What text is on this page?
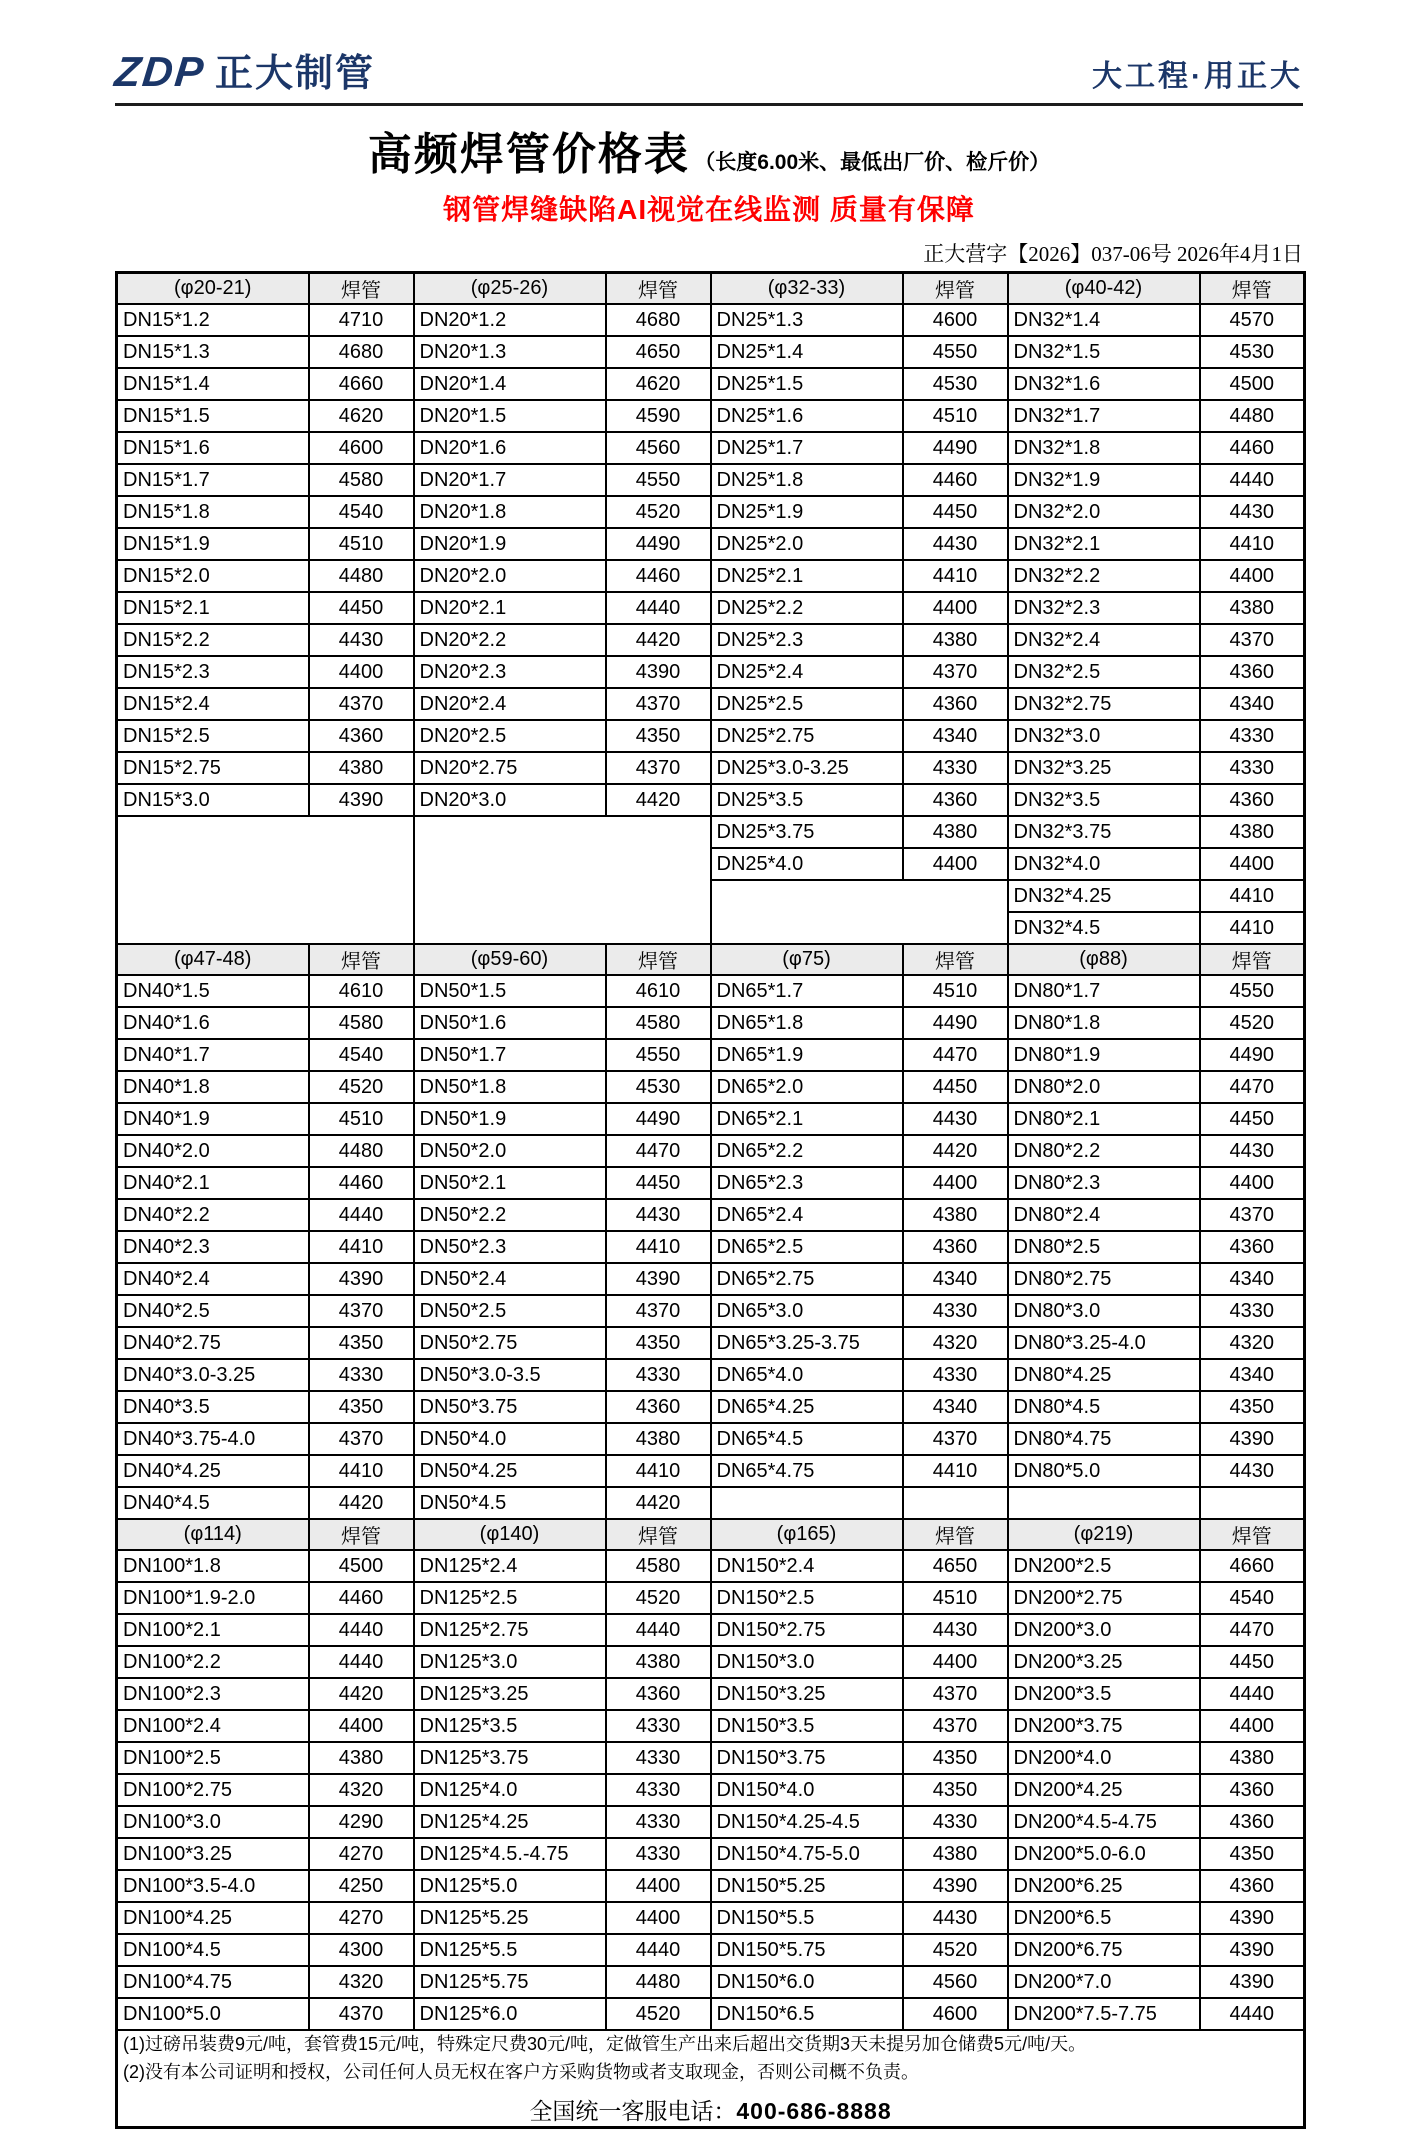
ZDP 正大制管	大工程·用正大
高频焊管价格表 （长度6.00米、最低出厂价、检斤价）
钢管焊缝缺陷AI视觉在线监测 质量有保障
正大营字【2026】037-06号 2026年4月1日
(φ20-21)	焊管	(φ25-26)	焊管	(φ32-33)	焊管	(φ40-42)	焊管
DN15*1.2	4710	DN20*1.2	4680	DN25*1.3	4600	DN32*1.4	4570
DN15*1.3	4680	DN20*1.3	4650	DN25*1.4	4550	DN32*1.5	4530
DN15*1.4	4660	DN20*1.4	4620	DN25*1.5	4530	DN32*1.6	4500
DN15*1.5	4620	DN20*1.5	4590	DN25*1.6	4510	DN32*1.7	4480
DN15*1.6	4600	DN20*1.6	4560	DN25*1.7	4490	DN32*1.8	4460
DN15*1.7	4580	DN20*1.7	4550	DN25*1.8	4460	DN32*1.9	4440
DN15*1.8	4540	DN20*1.8	4520	DN25*1.9	4450	DN32*2.0	4430
DN15*1.9	4510	DN20*1.9	4490	DN25*2.0	4430	DN32*2.1	4410
DN15*2.0	4480	DN20*2.0	4460	DN25*2.1	4410	DN32*2.2	4400
DN15*2.1	4450	DN20*2.1	4440	DN25*2.2	4400	DN32*2.3	4380
DN15*2.2	4430	DN20*2.2	4420	DN25*2.3	4380	DN32*2.4	4370
DN15*2.3	4400	DN20*2.3	4390	DN25*2.4	4370	DN32*2.5	4360
DN15*2.4	4370	DN20*2.4	4370	DN25*2.5	4360	DN32*2.75	4340
DN15*2.5	4360	DN20*2.5	4350	DN25*2.75	4340	DN32*3.0	4330
DN15*2.75	4380	DN20*2.75	4370	DN25*3.0-3.25	4330	DN32*3.25	4330
DN15*3.0	4390	DN20*3.0	4420	DN25*3.5	4360	DN32*3.5	4360
				DN25*3.75	4380	DN32*3.75	4380
				DN25*4.0	4400	DN32*4.0	4400
						DN32*4.25	4410
						DN32*4.5	4410
(φ47-48)	焊管	(φ59-60)	焊管	(φ75)	焊管	(φ88)	焊管
DN40*1.5	4610	DN50*1.5	4610	DN65*1.7	4510	DN80*1.7	4550
DN40*1.6	4580	DN50*1.6	4580	DN65*1.8	4490	DN80*1.8	4520
DN40*1.7	4540	DN50*1.7	4550	DN65*1.9	4470	DN80*1.9	4490
DN40*1.8	4520	DN50*1.8	4530	DN65*2.0	4450	DN80*2.0	4470
DN40*1.9	4510	DN50*1.9	4490	DN65*2.1	4430	DN80*2.1	4450
DN40*2.0	4480	DN50*2.0	4470	DN65*2.2	4420	DN80*2.2	4430
DN40*2.1	4460	DN50*2.1	4450	DN65*2.3	4400	DN80*2.3	4400
DN40*2.2	4440	DN50*2.2	4430	DN65*2.4	4380	DN80*2.4	4370
DN40*2.3	4410	DN50*2.3	4410	DN65*2.5	4360	DN80*2.5	4360
DN40*2.4	4390	DN50*2.4	4390	DN65*2.75	4340	DN80*2.75	4340
DN40*2.5	4370	DN50*2.5	4370	DN65*3.0	4330	DN80*3.0	4330
DN40*2.75	4350	DN50*2.75	4350	DN65*3.25-3.75	4320	DN80*3.25-4.0	4320
DN40*3.0-3.25	4330	DN50*3.0-3.5	4330	DN65*4.0	4330	DN80*4.25	4340
DN40*3.5	4350	DN50*3.75	4360	DN65*4.25	4340	DN80*4.5	4350
DN40*3.75-4.0	4370	DN50*4.0	4380	DN65*4.5	4370	DN80*4.75	4390
DN40*4.25	4410	DN50*4.25	4410	DN65*4.75	4410	DN80*5.0	4430
DN40*4.5	4420	DN50*4.5	4420				
(φ114)	焊管	(φ140)	焊管	(φ165)	焊管	(φ219)	焊管
DN100*1.8	4500	DN125*2.4	4580	DN150*2.4	4650	DN200*2.5	4660
DN100*1.9-2.0	4460	DN125*2.5	4520	DN150*2.5	4510	DN200*2.75	4540
DN100*2.1	4440	DN125*2.75	4440	DN150*2.75	4430	DN200*3.0	4470
DN100*2.2	4440	DN125*3.0	4380	DN150*3.0	4400	DN200*3.25	4450
DN100*2.3	4420	DN125*3.25	4360	DN150*3.25	4370	DN200*3.5	4440
DN100*2.4	4400	DN125*3.5	4330	DN150*3.5	4370	DN200*3.75	4400
DN100*2.5	4380	DN125*3.75	4330	DN150*3.75	4350	DN200*4.0	4380
DN100*2.75	4320	DN125*4.0	4330	DN150*4.0	4350	DN200*4.25	4360
DN100*3.0	4290	DN125*4.25	4330	DN150*4.25-4.5	4330	DN200*4.5-4.75	4360
DN100*3.25	4270	DN125*4.5.-4.75	4330	DN150*4.75-5.0	4380	DN200*5.0-6.0	4350
DN100*3.5-4.0	4250	DN125*5.0	4400	DN150*5.25	4390	DN200*6.25	4360
DN100*4.25	4270	DN125*5.25	4400	DN150*5.5	4430	DN200*6.5	4390
DN100*4.5	4300	DN125*5.5	4440	DN150*5.75	4520	DN200*6.75	4390
DN100*4.75	4320	DN125*5.75	4480	DN150*6.0	4560	DN200*7.0	4390
DN100*5.0	4370	DN125*6.0	4520	DN150*6.5	4600	DN200*7.5-7.75	4440

(1)过磅吊装费9元/吨，套管费15元/吨，特殊定尺费30元/吨，定做管生产出来后超出交货期3天未提另加仓储费5元/吨/天。
(2)没有本公司证明和授权，公司任何人员无权在客户方采购货物或者支取现金，否则公司概不负责。
全国统一客服电话：400-686-8888							
